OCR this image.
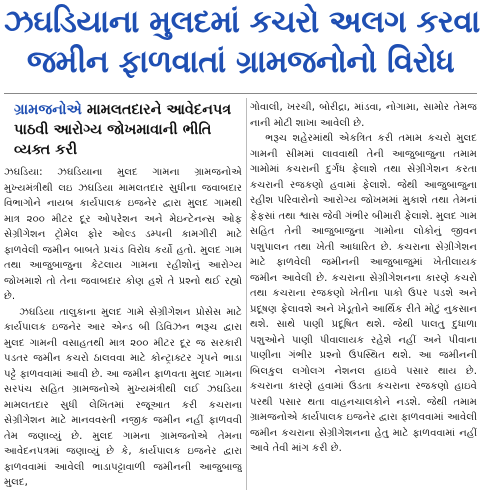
ઝઘડિયાના મુલદમાં કચરો અલગ કરવા
જમીન ફાળવાતાં ગ્રામજનોનો વિરોધ
ગ્રામજનોએ મામલતદારને આવેદનપત્ર પાઠવી આરોગ્ય જોખમાવાની ભીતિ વ્યક્ત કરી

ઝઘડિયા: ઝઘડિયાના મુલદ ગામના ગ્રામજનોએ મુખ્યમંત્રીથી લઇ ઝઘડિયા મામલતદાર સુધીના જવાબદાર વિભાગોને નાયબ કાર્યપાલક ઇજનેર દ્વારા મુલદ ગામથી માત્ર ૨૦૦ મીટર દૂર ઓપરેશન અને મેઇન્ટેનન્સ ઓફ સેગ્રીગેશન ટ્રોમેલ ફોર ઓલ્ડ ડમ્પની કામગીરી માટે ફાળવેલી જમીન બાબતે પ્રચંડ વિરોધ કર્યો હતો. મુલદ ગામ તથા આજુબાજુના કેટલાય ગામના રહીશોનું આરોગ્ય જોખમાશે તો તેના જવાબદાર કોણ હશે તે પ્રશ્નો થઈ રહ્યો છે.

ઝઘડિયા તાલુકાના મુલદ ગામે સેગ્રીગેશન પ્રોસેસ માટે કાર્યપાલક ઇજનેર આર એન્ડ બી ડિવિઝન ભરૂચ દ્વારા મુલદ ગામની વસાહતથી માત્ર ૨૦૦ મીટર દૂર જ સરકારી પડતર જમીન કચરો ઠાલવવા માટે કોન્ટ્રાક્ટર ગૃપને ભાડા પટ્ટે ફાળવવામાં આવી છે. આ જમીન ફાળવતા મુલદ ગામના સરપંચ સહિત ગ્રામજનોએ મુખ્યમંત્રીથી લઈ ઝઘડિયા મામલતદાર સુધી લેખિતમાં રજૂઆત કરી કચરાના સેગ્રીગેશન માટે માનવવસ્તી નજીક જમીન નહીં ફાળવવી તેમ જણાવ્યું છે. મુલદ ગામના ગ્રામજનોએ તેમના આવેદનપત્રમાં જણાવ્યું છે કે, કાર્યપાલક ઇજનેર દ્વારા ફાળવવામાં આવેલી ભાડાપટ્ટાવાળી જમીનની આજુબાજુ મુલદ,

ગોવાલી, ખરચી, બોરીદ્રા, માંડવા, નોગામા, સામોર તેમજ નાની મોટી શાખા આવેલી છે.

ભરૂચ શહેરમાંથી એકત્રિત કરી તમામ કચરો મુલદ ગામની સીમમાં લાવવાથી તેની આજુબાજુના તમામ ગામોમાં કચરાની દુર્ગંધ ફેલાશે તથા સેગ્રીગેશન કરતા કચરાની રજકણો હવામાં ફેલાશે. જેથી આજુબાજુના રહીશ પરિવારોનો આરોગ્ય જોખમમાં મુકાશે તથા તેમનાં ફેફસાં તથા શ્વાસ જેવી ગંભીર બીમારી ફેલાશે. મુલદ ગામ સહિત તેની આજુબાજુના ગામોના લોકોનું જીવન પશુપાલન તથા ખેતી આધારિત છે. કચરાના સેગ્રીગેશન માટે ફાળવેલી જમીનની આજુબાજુમાં ખેતીલાયક જમીન આવેલી છે. કચરાના સેગ્રીગેશનના કારણે કચરો તથા કચરાના રજકણો ખેતીના પાકો ઉપર પડશે અને પ્રદૂષણ ફેલાવશે અને ખેડૂતોને આર્થિક રીતે મોટું નુકસાન થશે. સાથે પાણી પ્રદૂષિત થશે. જેથી પાલતુ દુધાળા પશુઓને પાણી પીવાલાયક રહેશે નહીં અને પીવાના પાણીના ગંભીર પ્રશ્નો ઉપસ્થિત થશે. આ જમીનની બિલકુલ લગોલગ નેશનલ હાઇવે પસાર થાય છે. કચરાના કારણે હવામાં ઉડતા કચરાના રજકણો હાઇવે પરથી પસાર થતા વાહનચાલકોને નડશે. જેથી તમામ ગ્રામજનોએ કાર્યપાલક ઇજનેર દ્વારા ફાળવવામાં આવેલી જમીન કચરાના સેગ્રીગેશનના હેતુ માટે ફાળવવામાં નહીં આવે તેવી માંગ કરી છે.
